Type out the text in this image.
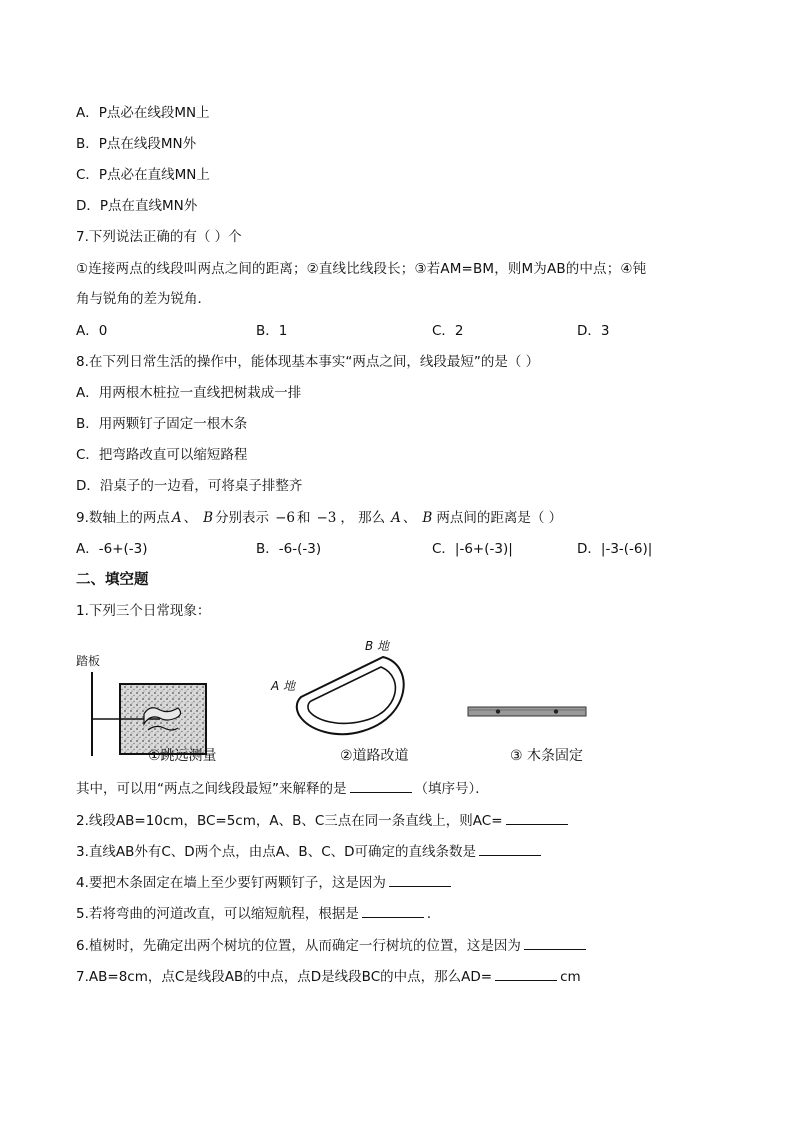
A．P点必在线段MN上
B．P点在线段MN外
C．P点必在直线MN上
D．P点在直线MN外
7.下列说法正确的有（ ）个
①连接两点的线段叫两点之间的距离；②直线比线段长；③若AM=BM，则M为AB的中点；④钝
角与锐角的差为锐角．
A．0	B．1	C．2	D．3
8.在下列日常生活的操作中，能体现基本事实“两点之间，线段最短”的是（ ）
A．用两根木桩拉一直线把树栽成一排
B．用两颗钉子固定一根木条
C．把弯路改直可以缩短路程
D．沿桌子的一边看，可将桌子排整齐
9.数轴上的两点 A 、 B 分别表示 −6 和 −3 ， 那么 A 、 B 两点间的距离是（ ）
A．-6+(-3)	B．-6-(-3)	C．|-6+(-3)|	D．|-3-(-6)|
二、填空题
1.下列三个日常现象：
踏板
①跳远测量
B 地
A 地
②道路改道	③ 木条固定
其中，可以用“两点之间线段最短”来解释的是	（填序号）．
2.线段AB=10cm，BC=5cm，A、B、C三点在同一条直线上，则AC=
3.直线AB外有C、D两个点，由点A、B、C、D可确定的直线条数是
4.要把木条固定在墙上至少要钉两颗钉子，这是因为
5.若将弯曲的河道改直，可以缩短航程，根据是	．
6.植树时，先确定出两个树坑的位置，从而确定一行树坑的位置，这是因为
7.AB=8cm，点C是线段AB的中点，点D是线段BC的中点，那么AD=	cm
